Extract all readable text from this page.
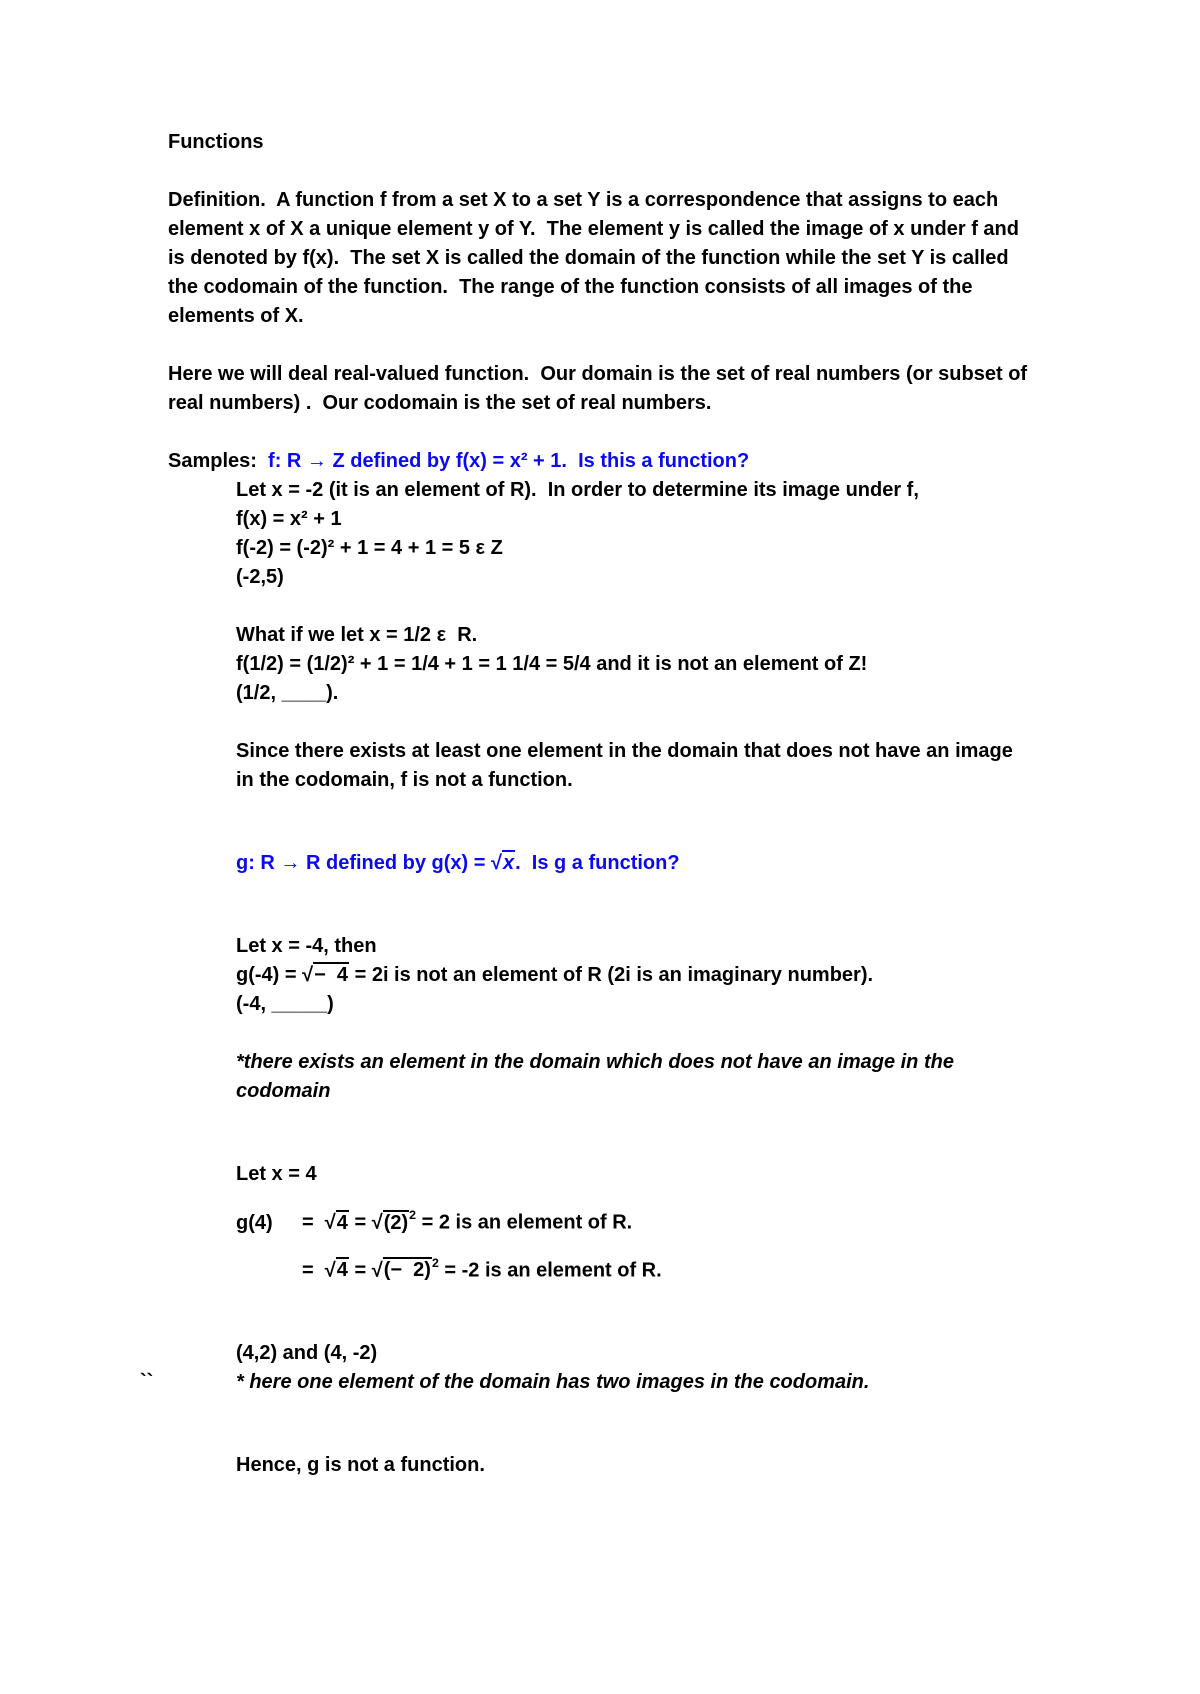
Functions

Definition.  A function f from a set X to a set Y is a correspondence that assigns to each element x of X a unique element y of Y.  The element y is called the image of x under f and is denoted by f(x).  The set X is called the domain of the function while the set Y is called the codomain of the function.  The range of the function consists of all images of the elements of X.

Here we will deal real-valued function.  Our domain is the set of real numbers (or subset of real numbers) .  Our codomain is the set of real numbers.

Samples:  f: R → Z defined by f(x) = x² + 1.  Is this a function?

Let x = -2 (it is an element of R).  In order to determine its image under f,

f(x) = x² + 1

f(-2) = (-2)² + 1 = 4 + 1 = 5 ε Z

(-2,5)

What if we let x = 1/2 ε  R.

f(1/2) = (1/2)² + 1 = 1/4 + 1 = 1 1/4 = 5/4 and it is not an element of Z!

(1/2, ____).

Since there exists at least one element in the domain that does not have an image in the codomain, f is not a function.

g: R → R defined by g(x) = √x.  Is g a function?

Let x = -4, then

g(-4) = √−  4 = 2i is not an element of R (2i is an imaginary number).

(-4, _____)

*there exists an element in the domain which does not have an image in the codomain

Let x = 4

$g(4) = √4 = √(2)^2 = 2$ is an element of R.

=  √4 = √(−  2)$^2$ = -2 is an element of R.

(4,2) and (4, -2)

``	* here one element of the domain has two images in the codomain.

Hence, g is not a function.
